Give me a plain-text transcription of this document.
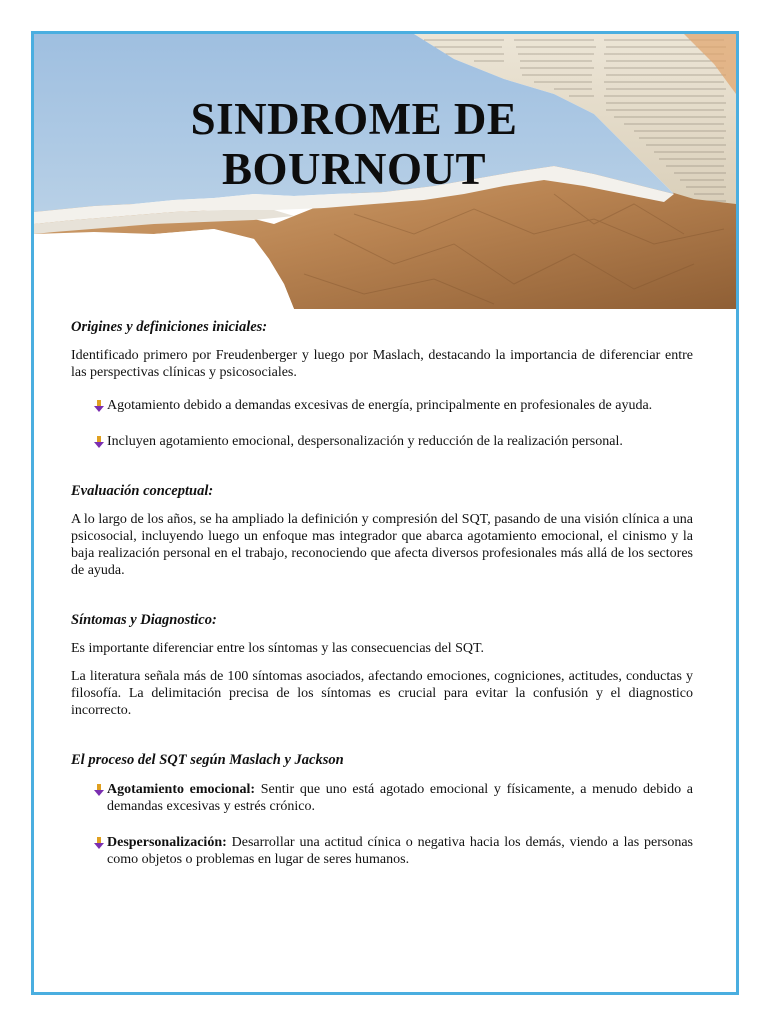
SINDROME DE
BOURNOUT
Origines y definiciones iniciales:

Identificado primero por Freudenberger y luego por Maslach, destacando la importancia de diferenciar entre las perspectivas clínicas y psicosociales.

Agotamiento debido a demandas excesivas de energía, principalmente en profesionales de ayuda.

Incluyen agotamiento emocional, despersonalización y reducción de la realización personal.

Evaluación conceptual:

A lo largo de los años, se ha ampliado la definición y compresión del SQT, pasando de una visión clínica a una psicosocial, incluyendo luego un enfoque mas integrador que abarca agotamiento emocional, el cinismo y la baja realización personal en el trabajo, reconociendo que afecta diversos profesionales más allá de los sectores de ayuda.

Síntomas y Diagnostico:

Es importante diferenciar entre los síntomas y las consecuencias del SQT.

La literatura señala más de 100 síntomas asociados, afectando emociones, cogniciones, actitudes, conductas y filosofía. La delimitación precisa de los síntomas es crucial para evitar la confusión y el diagnostico incorrecto.

El proceso del SQT según Maslach y Jackson

Agotamiento emocional: Sentir que uno está agotado emocional y físicamente, a menudo debido a demandas excesivas y estrés crónico.

Despersonalización: Desarrollar una actitud cínica o negativa hacia los demás, viendo a las personas como objetos o problemas en lugar de seres humanos.
